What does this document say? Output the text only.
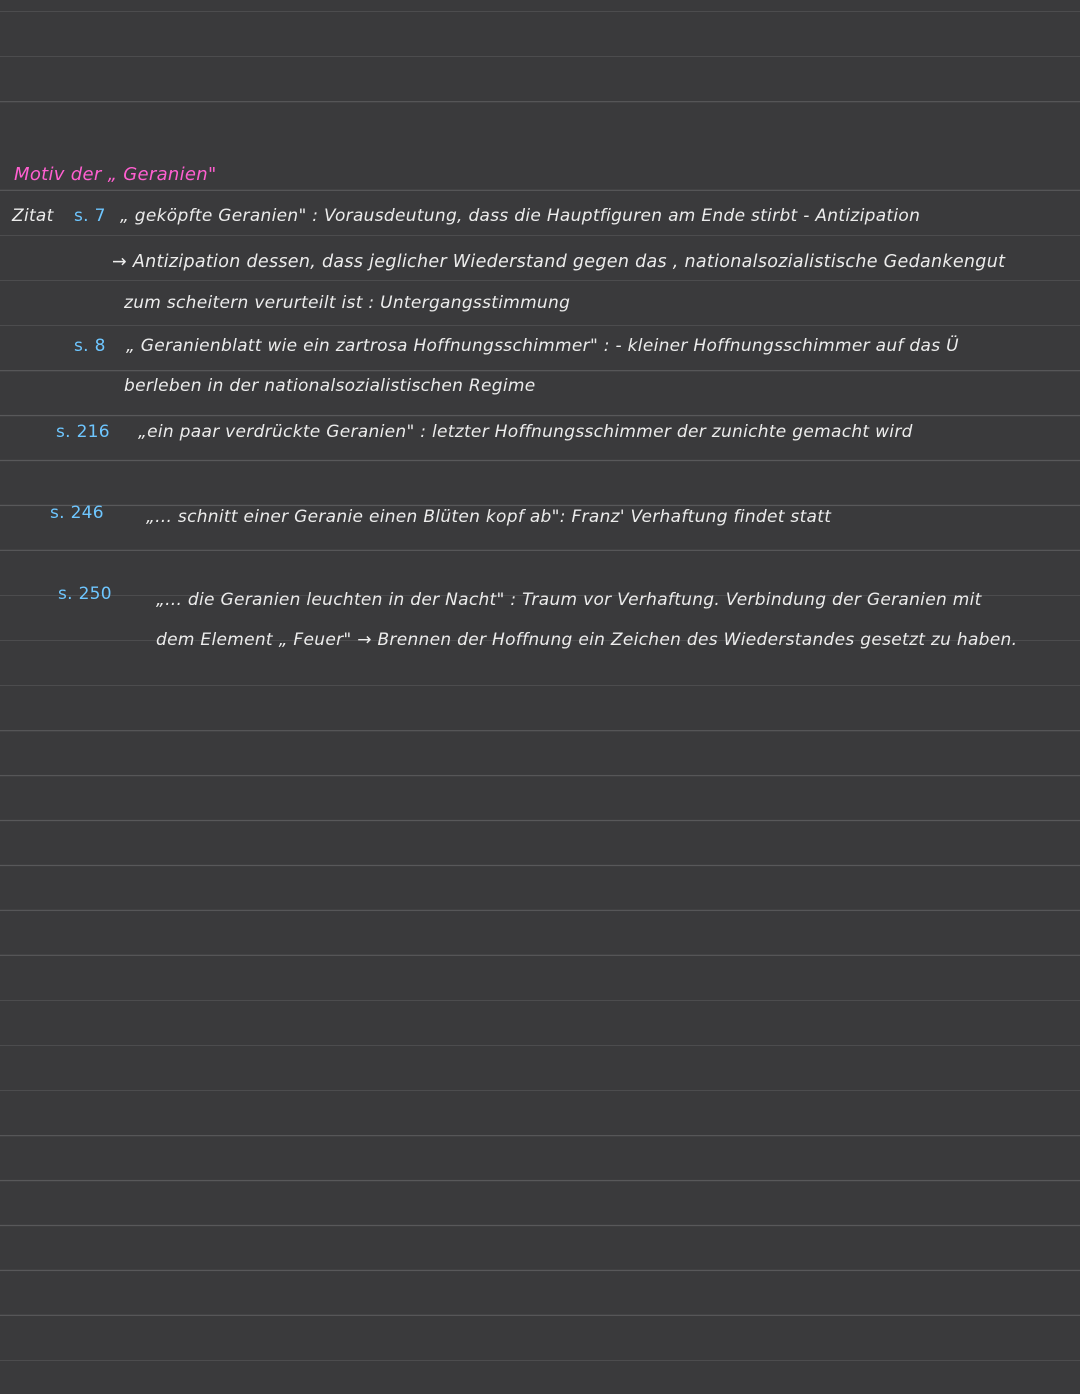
Motiv der „ Geranien"
Zitat s. 7 „ geköpfte Geranien" : Vorausdeutung, dass die Hauptfiguren am Ende stirbt - Antizipation
→ Antizipation dessen, dass jeglicher Wiederstand gegen das , nationalsozialistische Gedankengut
zum scheitern verurteilt ist : Untergangsstimmung
s. 8 „ Geranienblatt wie ein zartrosa Hoffnungsschimmer" : - kleiner Hoffnungsschimmer auf das Ü
berleben in der nationalsozialistischen Regime
s. 216 „ein paar verdrückte Geranien" : letzter Hoffnungsschimmer der zunichte gemacht wird
s. 246 „... schnitt einer Geranie einen Blüten kopf ab": Franz' Verhaftung findet statt
s. 250	„... die Geranien leuchten in der Nacht" : Traum vor Verhaftung. Verbindung der Geranien mit
dem Element „ Feuer" → Brennen der Hoffnung ein Zeichen des Wiederstandes gesetzt zu haben.
